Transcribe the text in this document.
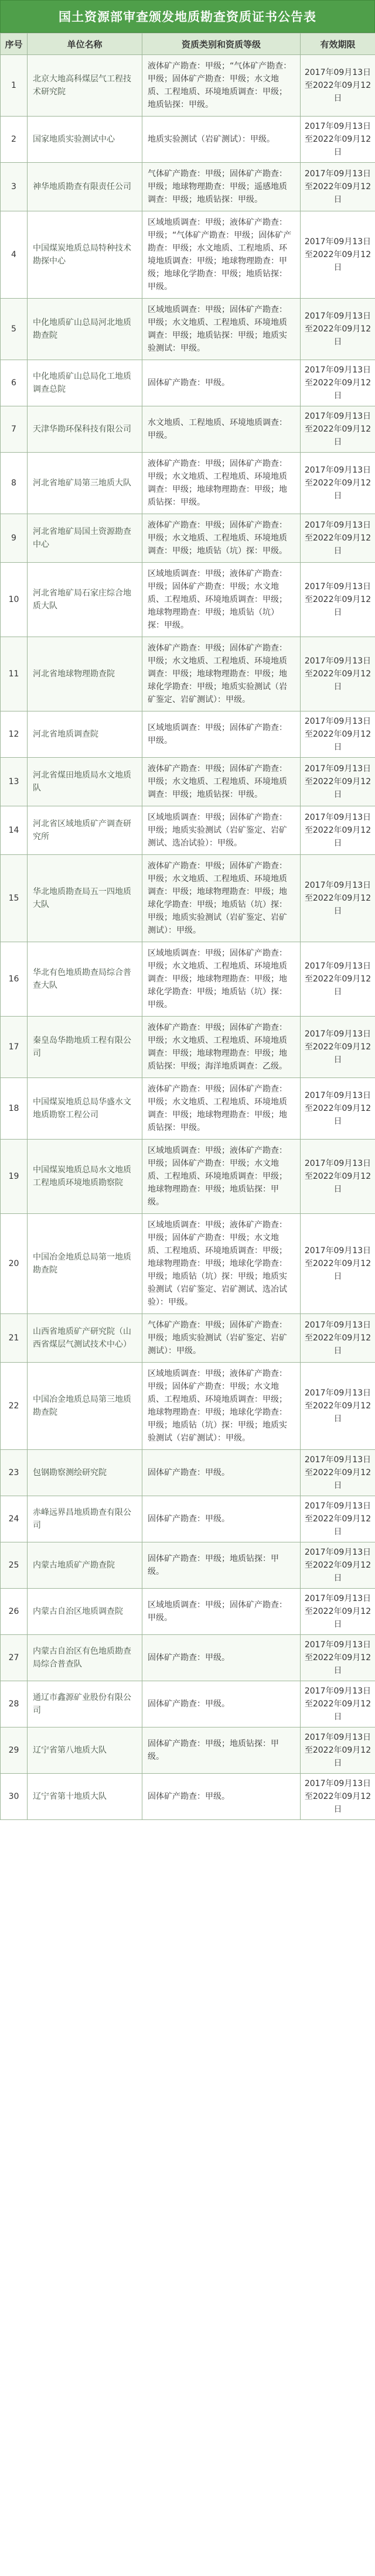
国土资源部审查颁发地质勘查资质证书公告表
序号	单位名称	资质类别和资质等级	有效期限
1	北京大地高科煤层气工程技术研究院	液体矿产勘查：甲级；“气体矿产勘查：甲级；固体矿产勘查：甲级；水文地质、工程地质、环境地质调查：甲级；地质钻探：甲级。	2017年09月13日至2022年09月12日
2	国家地质实验测试中心	地质实验测试（岩矿测试）：甲级。	2017年09月13日至2022年09月12日
3	神华地质勘查有限责任公司	气体矿产勘查：甲级；固体矿产勘查：甲级；地球物理勘查：甲级；遥感地质调查：甲级；地质钻探：甲级。	2017年09月13日至2022年09月12日
4	中国煤炭地质总局特种技术勘探中心	区域地质调查：甲级；液体矿产勘查：甲级；“气体矿产勘查：甲级；固体矿产勘查：甲级；水文地质、工程地质、环境地质调查：甲级；地球物理勘查：甲级；地球化学勘查：甲级；地质钻探：甲级。	2017年09月13日至2022年09月12日
5	中化地质矿山总局河北地质勘查院	区域地质调查：甲级；固体矿产勘查：甲级；水文地质、工程地质、环境地质调查：甲级；地质钻探：甲级；地质实验测试：甲级。	2017年09月13日至2022年09月12日
6	中化地质矿山总局化工地质调查总院	固体矿产勘查：甲级。	2017年09月13日至2022年09月12日
7	天津华勘环保科技有限公司	水文地质、工程地质、环境地质调查：甲级。	2017年09月13日至2022年09月12日
8	河北省地矿局第三地质大队	液体矿产勘查：甲级；固体矿产勘查：甲级；水文地质、工程地质、环境地质调查：甲级；地球物理勘查：甲级；地质钻探：甲级。	2017年09月13日至2022年09月12日
9	河北省地矿局国土资源勘查中心	液体矿产勘查：甲级；固体矿产勘查：甲级；水文地质、工程地质、环境地质调查：甲级；地质钻（坑）探：甲级。	2017年09月13日至2022年09月12日
10	河北省地矿局石家庄综合地质大队	区域地质调查：甲级；液体矿产勘查：甲级；固体矿产勘查：甲级；水文地质、工程地质、环境地质调查：甲级；地球物理勘查：甲级；地质钻（坑）探：甲级。	2017年09月13日至2022年09月12日
11	河北省地球物理勘查院	液体矿产勘查：甲级；固体矿产勘查：甲级；水文地质、工程地质、环境地质调查：甲级；地球物理勘查：甲级；地球化学勘查：甲级；地质实验测试（岩矿鉴定、岩矿测试）：甲级。	2017年09月13日至2022年09月12日
12	河北省地质调查院	区域地质调查：甲级；固体矿产勘查：甲级。	2017年09月13日至2022年09月12日
13	河北省煤田地质局水文地质队	液体矿产勘查：甲级；固体矿产勘查：甲级；水文地质、工程地质、环境地质调查：甲级；地质钻探：甲级。	2017年09月13日至2022年09月12日
14	河北省区域地质矿产调查研究所	区域地质调查：甲级；固体矿产勘查：甲级；地质实验测试（岩矿鉴定、岩矿测试、选冶试验）：甲级。	2017年09月13日至2022年09月12日
15	华北地质勘查局五一四地质大队	液体矿产勘查：甲级；固体矿产勘查：甲级；水文地质、工程地质、环境地质调查：甲级；地球物理勘查：甲级；地球化学勘查：甲级；地质钻（坑）探：甲级；地质实验测试（岩矿鉴定、岩矿测试）：甲级。	2017年09月13日至2022年09月12日
16	华北有色地质勘查局综合普查大队	区域地质调查：甲级；固体矿产勘查：甲级；水文地质、工程地质、环境地质调查：甲级；地球物理勘查：甲级；地球化学勘查：甲级；地质钻（坑）探：甲级。	2017年09月13日至2022年09月12日
17	秦皇岛华勘地质工程有限公司	液体矿产勘查：甲级；固体矿产勘查：甲级；水文地质、工程地质、环境地质调查：甲级；地球物理勘查：甲级；地质钻探：甲级；海洋地质调查：乙级。	2017年09月13日至2022年09月12日
18	中国煤炭地质总局华盛水文地质勘察工程公司	液体矿产勘查：甲级；固体矿产勘查：甲级；水文地质、工程地质、环境地质调查：甲级；地球物理勘查：甲级；地质钻探：甲级。	2017年09月13日至2022年09月12日
19	中国煤炭地质总局水文地质工程地质环境地质勘察院	区域地质调查：甲级；液体矿产勘查：甲级；固体矿产勘查：甲级；水文地质、工程地质、环境地质调查：甲级；地球物理勘查：甲级；地质钻探：甲级。	2017年09月13日至2022年09月12日
20	中国冶金地质总局第一地质勘查院	区域地质调查：甲级；液体矿产勘查：甲级；固体矿产勘查：甲级；水文地质、工程地质、环境地质调查：甲级；地球物理勘查：甲级；地球化学勘查：甲级；地质钻（坑）探：甲级；地质实验测试（岩矿鉴定、岩矿测试、选冶试验）：甲级。	2017年09月13日至2022年09月12日
21	山西省地质矿产研究院（山西省煤层气测试技术中心）	气体矿产勘查：甲级；固体矿产勘查：甲级；地质实验测试（岩矿鉴定、岩矿测试）：甲级。	2017年09月13日至2022年09月12日
22	中国冶金地质总局第三地质勘查院	区域地质调查：甲级；液体矿产勘查：甲级；固体矿产勘查：甲级；水文地质、工程地质、环境地质调查：甲级；地球物理勘查：甲级；地球化学勘查：甲级；地质钻（坑）探：甲级；地质实验测试（岩矿测试）：甲级。	2017年09月13日至2022年09月12日
23	包钢勘察测绘研究院	固体矿产勘查：甲级。	2017年09月13日至2022年09月12日
24	赤峰远界昌地质勘查有限公司	固体矿产勘查：甲级。	2017年09月13日至2022年09月12日
25	内蒙古地质矿产勘查院	固体矿产勘查：甲级；地质钻探：甲级。	2017年09月13日至2022年09月12日
26	内蒙古自治区地质调查院	区域地质调查：甲级；固体矿产勘查：甲级。	2017年09月13日至2022年09月12日
27	内蒙古自治区有色地质勘查局综合普查队	固体矿产勘查：甲级。	2017年09月13日至2022年09月12日
28	通辽市鑫源矿业股份有限公司	固体矿产勘查：甲级。	2017年09月13日至2022年09月12日
29	辽宁省第八地质大队	固体矿产勘查：甲级；地质钻探：甲级。	2017年09月13日至2022年09月12日
30	辽宁省第十地质大队	固体矿产勘查：甲级。	2017年09月13日至2022年09月12日
